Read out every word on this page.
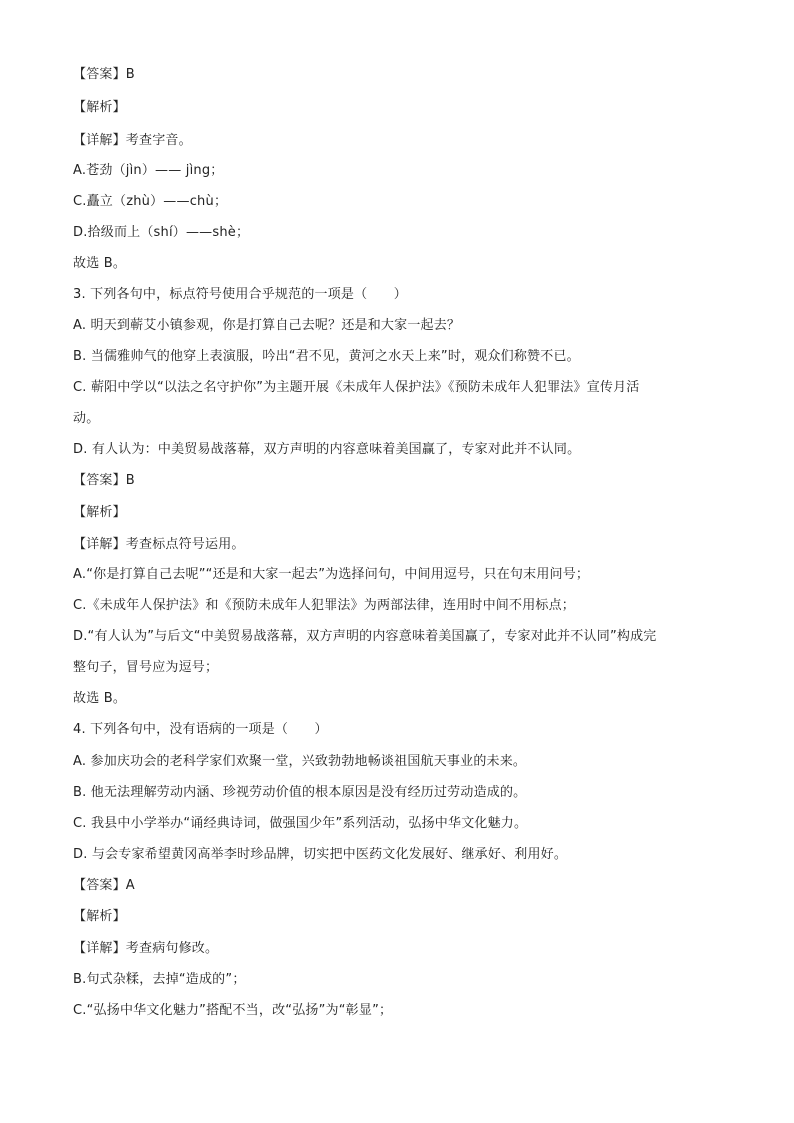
【答案】B
【解析】
【详解】考查字音。
A.苍劲（jìn）—— jìng；
C.矗立（zhù）——chù；
D.拾级而上（shí）——shè；
故选 B。
3. 下列各句中，标点符号使用合乎规范的一项是（　　）
A. 明天到蕲艾小镇参观，你是打算自己去呢？还是和大家一起去？
B. 当儒雅帅气的他穿上表演服，吟出“君不见，黄河之水天上来”时，观众们称赞不已。
C. 蕲阳中学以“以法之名守护你”为主题开展《未成年人保护法》《预防未成年人犯罪法》宣传月活
动。
D. 有人认为：中美贸易战落幕，双方声明的内容意味着美国赢了，专家对此并不认同。
【答案】B
【解析】
【详解】考查标点符号运用。
A.“你是打算自己去呢”“还是和大家一起去”为选择问句，中间用逗号，只在句末用问号；
C.《未成年人保护法》和《预防未成年人犯罪法》为两部法律，连用时中间不用标点；
D.“有人认为”与后文“中美贸易战落幕，双方声明的内容意味着美国赢了，专家对此并不认同”构成完
整句子，冒号应为逗号；
故选 B。
4. 下列各句中，没有语病的一项是（　　）
A. 参加庆功会的老科学家们欢聚一堂，兴致勃勃地畅谈祖国航天事业的未来。
B. 他无法理解劳动内涵、珍视劳动价值的根本原因是没有经历过劳动造成的。
C. 我县中小学举办“诵经典诗词，做强国少年”系列活动，弘扬中华文化魅力。
D. 与会专家希望黄冈高举李时珍品牌，切实把中医药文化发展好、继承好、利用好。
【答案】A
【解析】
【详解】考查病句修改。
B.句式杂糅，去掉“造成的”；
C.“弘扬中华文化魅力”搭配不当，改“弘扬”为“彰显”；
